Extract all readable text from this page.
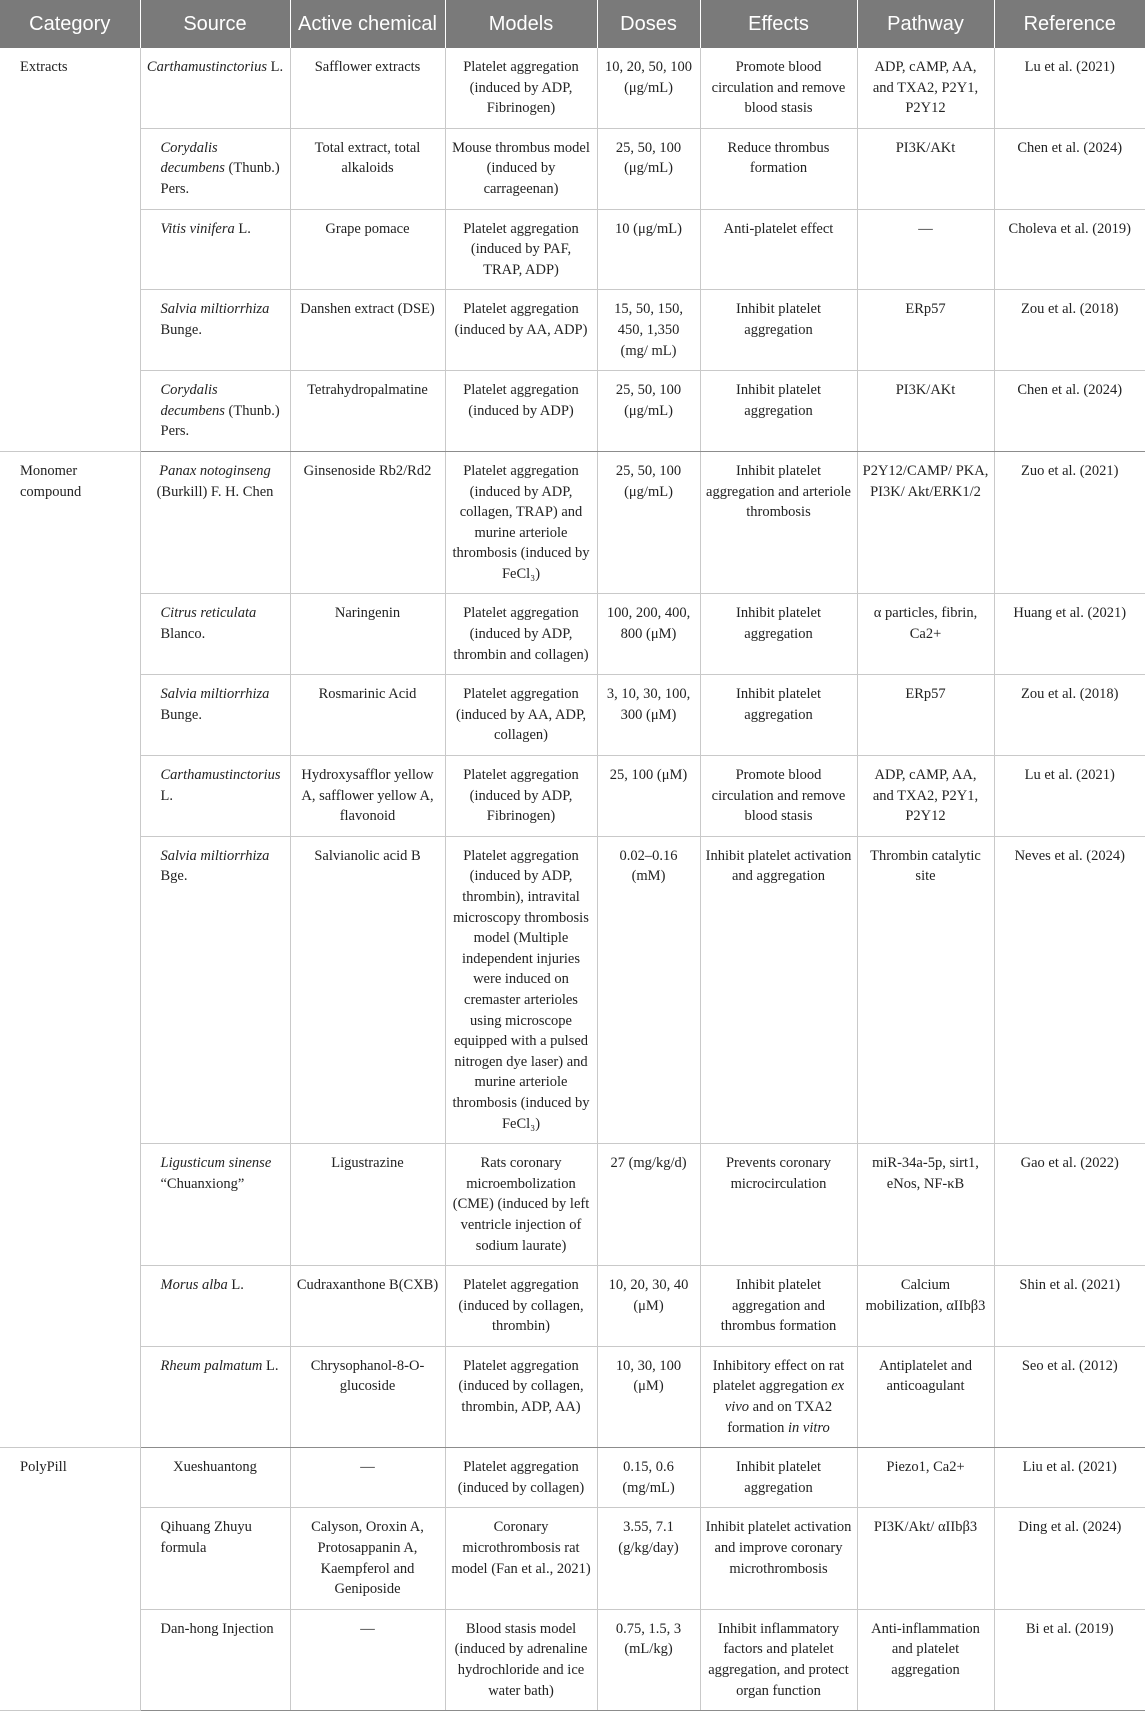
Category	Source	Active chemical	Models	Doses	Effects	Pathway	Reference
Extracts	Carthamustinctorius L.	Safflower extracts	Platelet aggregation (induced by ADP, Fibrinogen)	10, 20, 50, 100 (μg/mL)	Promote blood circulation and remove blood stasis	ADP, cAMP, AA, and TXA2, P2Y1, P2Y12	Lu et al. (2021)
	Corydalis decumbens (Thunb.) Pers.	Total extract, total alkaloids	Mouse thrombus model (induced by carrageenan)	25, 50, 100 (μg/mL)	Reduce thrombus formation	PI3K/AKt	Chen et al. (2024)
	Vitis vinifera L.	Grape pomace	Platelet aggregation (induced by PAF, TRAP, ADP)	10 (μg/mL)	Anti-platelet effect	—	Choleva et al. (2019)
	Salvia miltiorrhiza Bunge.	Danshen extract (DSE)	Platelet aggregation (induced by AA, ADP)	15, 50, 150, 450, 1,350 (mg/ mL)	Inhibit platelet aggregation	ERp57	Zou et al. (2018)
	Corydalis decumbens (Thunb.) Pers.	Tetrahydropalmatine	Platelet aggregation (induced by ADP)	25, 50, 100 (μg/mL)	Inhibit platelet aggregation	PI3K/AKt	Chen et al. (2024)
Monomer compound	Panax notoginseng (Burkill) F. H. Chen	Ginsenoside Rb2/Rd2	Platelet aggregation (induced by ADP, collagen, TRAP) and murine arteriole thrombosis (induced by FeCl₃)	25, 50, 100 (μg/mL)	Inhibit platelet aggregation and arteriole thrombosis	P2Y12/CAMP/ PKA, PI3K/ Akt/ERK1/2	Zuo et al. (2021)
	Citrus reticulata Blanco.	Naringenin	Platelet aggregation (induced by ADP, thrombin and collagen)	100, 200, 400, 800 (μM)	Inhibit platelet aggregation	α particles, fibrin, Ca2+	Huang et al. (2021)
	Salvia miltiorrhiza Bunge.	Rosmarinic Acid	Platelet aggregation (induced by AA, ADP, collagen)	3, 10, 30, 100, 300 (μM)	Inhibit platelet aggregation	ERp57	Zou et al. (2018)
	Carthamustinctorius L.	Hydroxysafflor yellow A, safflower yellow A, flavonoid	Platelet aggregation (induced by ADP, Fibrinogen)	25, 100 (μM)	Promote blood circulation and remove blood stasis	ADP, cAMP, AA, and TXA2, P2Y1, P2Y12	Lu et al. (2021)
	Salvia miltiorrhiza Bge.	Salvianolic acid B	Platelet aggregation (induced by ADP, thrombin), intravital microscopy thrombosis model (Multiple independent injuries were induced on cremaster arterioles using microscope equipped with a pulsed nitrogen dye laser) and murine arteriole thrombosis (induced by FeCl₃)	0.02–0.16 (mM)	Inhibit platelet activation and aggregation	Thrombin catalytic site	Neves et al. (2024)
	Ligusticum sinense “Chuanxiong”	Ligustrazine	Rats coronary microembolization (CME) (induced by left ventricle injection of sodium laurate)	27 (mg/kg/d)	Prevents coronary microcirculation	miR-34a-5p, sirt1, eNos, NF-κB	Gao et al. (2022)
	Morus alba L.	Cudraxanthone B(CXB)	Platelet aggregation (induced by collagen, thrombin)	10, 20, 30, 40 (μM)	Inhibit platelet aggregation and thrombus formation	Calcium mobilization, αIIbβ3	Shin et al. (2021)
	Rheum palmatum L.	Chrysophanol-8-O-glucoside	Platelet aggregation (induced by collagen, thrombin, ADP, AA)	10, 30, 100 (μM)	Inhibitory effect on rat platelet aggregation ex vivo and on TXA2 formation in vitro	Antiplatelet and anticoagulant	Seo et al. (2012)
PolyPill	Xueshuantong	—	Platelet aggregation (induced by collagen)	0.15, 0.6 (mg/mL)	Inhibit platelet aggregation	Piezo1, Ca2+	Liu et al. (2021)
	Qihuang Zhuyu formula	Calyson, Oroxin A, Protosappanin A, Kaempferol and Geniposide	Coronary microthrombosis rat model (Fan et al., 2021)	3.55, 7.1 (g/kg/day)	Inhibit platelet activation and improve coronary microthrombosis	PI3K/Akt/ αIIbβ3	Ding et al. (2024)
	Dan-hong Injection	—	Blood stasis model (induced by adrenaline hydrochloride and ice water bath)	0.75, 1.5, 3 (mL/kg)	Inhibit inflammatory factors and platelet aggregation, and protect organ function	Anti-inflammation and platelet aggregation	Bi et al. (2019)
